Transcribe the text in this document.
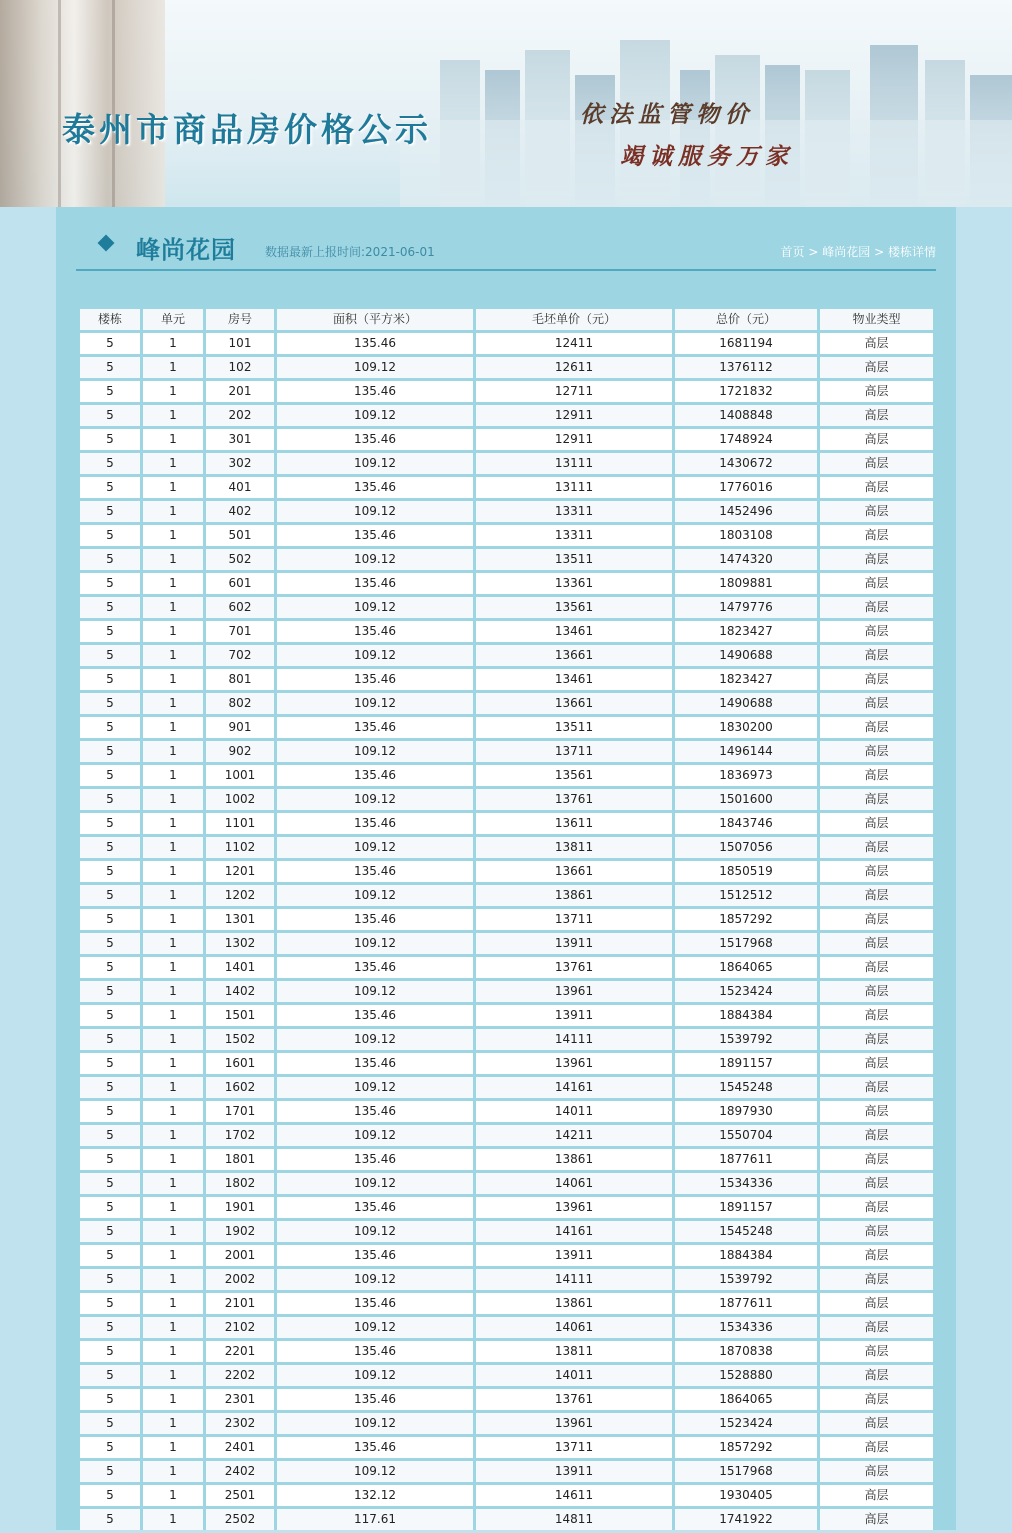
泰州市商品房价格公示	依法监管物价
竭诚服务万家
峰尚花园 数据最新上报时间:2021-06-01	首页 > 峰尚花园 > 楼栋详情
楼栋	单元	房号	面积（平方米）	毛坯单价（元）	总价（元）	物业类型
5	1	101	135.46	12411	1681194	高层
5	1	102	109.12	12611	1376112	高层
5	1	201	135.46	12711	1721832	高层
5	1	202	109.12	12911	1408848	高层
5	1	301	135.46	12911	1748924	高层
5	1	302	109.12	13111	1430672	高层
5	1	401	135.46	13111	1776016	高层
5	1	402	109.12	13311	1452496	高层
5	1	501	135.46	13311	1803108	高层
5	1	502	109.12	13511	1474320	高层
5	1	601	135.46	13361	1809881	高层
5	1	602	109.12	13561	1479776	高层
5	1	701	135.46	13461	1823427	高层
5	1	702	109.12	13661	1490688	高层
5	1	801	135.46	13461	1823427	高层
5	1	802	109.12	13661	1490688	高层
5	1	901	135.46	13511	1830200	高层
5	1	902	109.12	13711	1496144	高层
5	1	1001	135.46	13561	1836973	高层
5	1	1002	109.12	13761	1501600	高层
5	1	1101	135.46	13611	1843746	高层
5	1	1102	109.12	13811	1507056	高层
5	1	1201	135.46	13661	1850519	高层
5	1	1202	109.12	13861	1512512	高层
5	1	1301	135.46	13711	1857292	高层
5	1	1302	109.12	13911	1517968	高层
5	1	1401	135.46	13761	1864065	高层
5	1	1402	109.12	13961	1523424	高层
5	1	1501	135.46	13911	1884384	高层
5	1	1502	109.12	14111	1539792	高层
5	1	1601	135.46	13961	1891157	高层
5	1	1602	109.12	14161	1545248	高层
5	1	1701	135.46	14011	1897930	高层
5	1	1702	109.12	14211	1550704	高层
5	1	1801	135.46	13861	1877611	高层
5	1	1802	109.12	14061	1534336	高层
5	1	1901	135.46	13961	1891157	高层
5	1	1902	109.12	14161	1545248	高层
5	1	2001	135.46	13911	1884384	高层
5	1	2002	109.12	14111	1539792	高层
5	1	2101	135.46	13861	1877611	高层
5	1	2102	109.12	14061	1534336	高层
5	1	2201	135.46	13811	1870838	高层
5	1	2202	109.12	14011	1528880	高层
5	1	2301	135.46	13761	1864065	高层
5	1	2302	109.12	13961	1523424	高层
5	1	2401	135.46	13711	1857292	高层
5	1	2402	109.12	13911	1517968	高层
5	1	2501	132.12	14611	1930405	高层
5	1	2502	117.61	14811	1741922	高层
